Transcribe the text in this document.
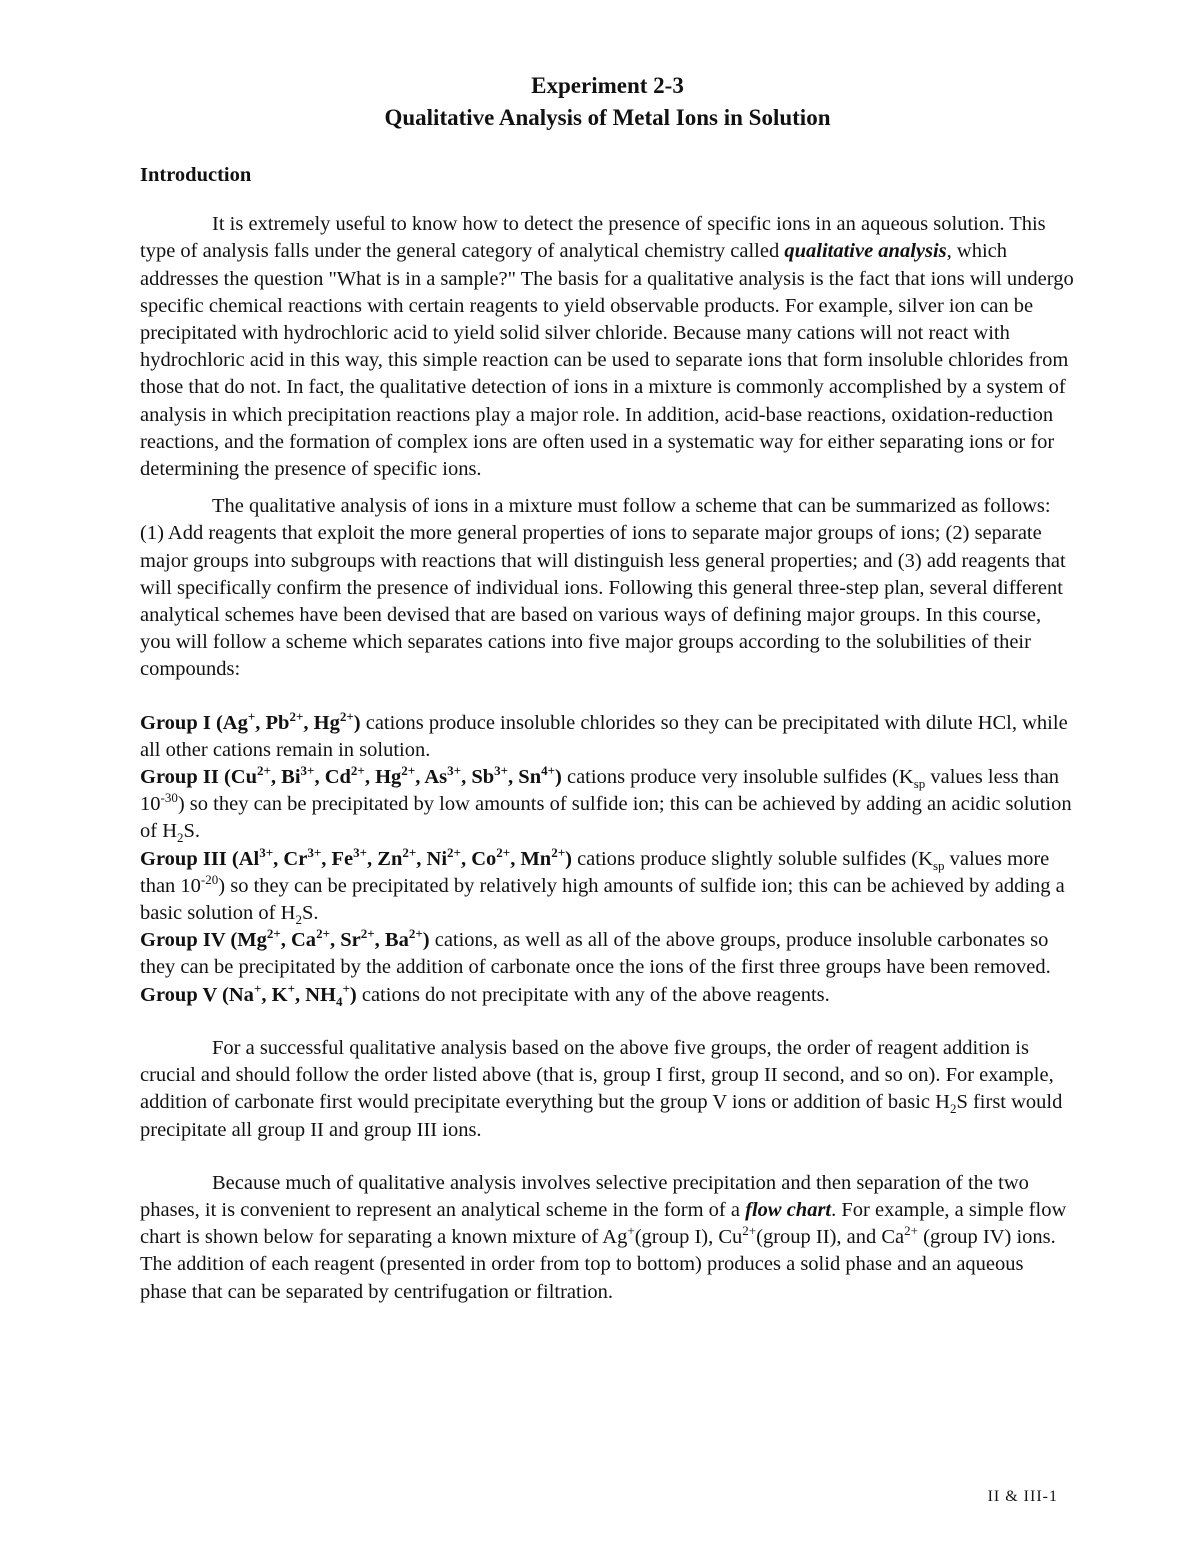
Experiment 2-3

Qualitative Analysis of Metal Ions in Solution

Introduction

It is extremely useful to know how to detect the presence of specific ions in an aqueous solution. This type of analysis falls under the general category of analytical chemistry called qualitative analysis, which addresses the question "What is in a sample?" The basis for a qualitative analysis is the fact that ions will undergo specific chemical reactions with certain reagents to yield observable products. For example, silver ion can be precipitated with hydrochloric acid to yield solid silver chloride. Because many cations will not react with hydrochloric acid in this way, this simple reaction can be used to separate ions that form insoluble chlorides from those that do not. In fact, the qualitative detection of ions in a mixture is commonly accomplished by a system of analysis in which precipitation reactions play a major role. In addition, acid-base reactions, oxidation-reduction reactions, and the formation of complex ions are often used in a systematic way for either separating ions or for determining the presence of specific ions.

The qualitative analysis of ions in a mixture must follow a scheme that can be summarized as follows: (1) Add reagents that exploit the more general properties of ions to separate major groups of ions; (2) separate major groups into subgroups with reactions that will distinguish less general properties; and (3) add reagents that will specifically confirm the presence of individual ions. Following this general three-step plan, several different analytical schemes have been devised that are based on various ways of defining major groups. In this course, you will follow a scheme which separates cations into five major groups according to the solubilities of their compounds:

Group I (Ag+, $Pb^{2+}$, $Hg^{2+}$) cations produce insoluble chlorides so they can be precipitated with dilute HCl, while all other cations remain in solution.

Group II ($Cu^{2+}$, $Bi^{3+}$, $Cd^{2+}$, $Hg^{2+}$, $As^{3+}$, $Sb^{3+}$, $Sn^{4+}$) cations produce very insoluble sulfides ($K_{sp}$ values less than $10^{-30}$) so they can be precipitated by low amounts of sulfide ion; this can be achieved by adding an acidic solution of $H_2S$.

Group III ($Al^{3+}$, $Cr^{3+}$, $Fe^{3+}$, $Zn^{2+}$, $Ni^{2+}$, $Co^{2+}$, $Mn^{2+}$) cations produce slightly soluble sulfides ($K_{sp}$ values more than $10^{-20}$) so they can be precipitated by relatively high amounts of sulfide ion; this can be achieved by adding a basic solution of $H_2S$.

Group IV ($Mg^{2+}$, $Ca^{2+}$, $Sr^{2+}$, $Ba^{2+}$) cations, as well as all of the above groups, produce insoluble carbonates so they can be precipitated by the addition of carbonate once the ions of the first three groups have been removed.

Group V (Na+, K+, $NH_4^+$) cations do not precipitate with any of the above reagents.

For a successful qualitative analysis based on the above five groups, the order of reagent addition is crucial and should follow the order listed above (that is, group I first, group II second, and so on). For example, addition of carbonate first would precipitate everything but the group V ions or addition of basic $H_2S$ first would precipitate all group II and group III ions.

Because much of qualitative analysis involves selective precipitation and then separation of the two phases, it is convenient to represent an analytical scheme in the form of a flow chart. For example, a simple flow chart is shown below for separating a known mixture of Ag+(group I), $Cu^{2+}(group$ II), and $Ca^{2+}$ (group IV) ions. The addition of each reagent (presented in order from top to bottom) produces a solid phase and an aqueous phase that can be separated by centrifugation or filtration.

II & III-1
